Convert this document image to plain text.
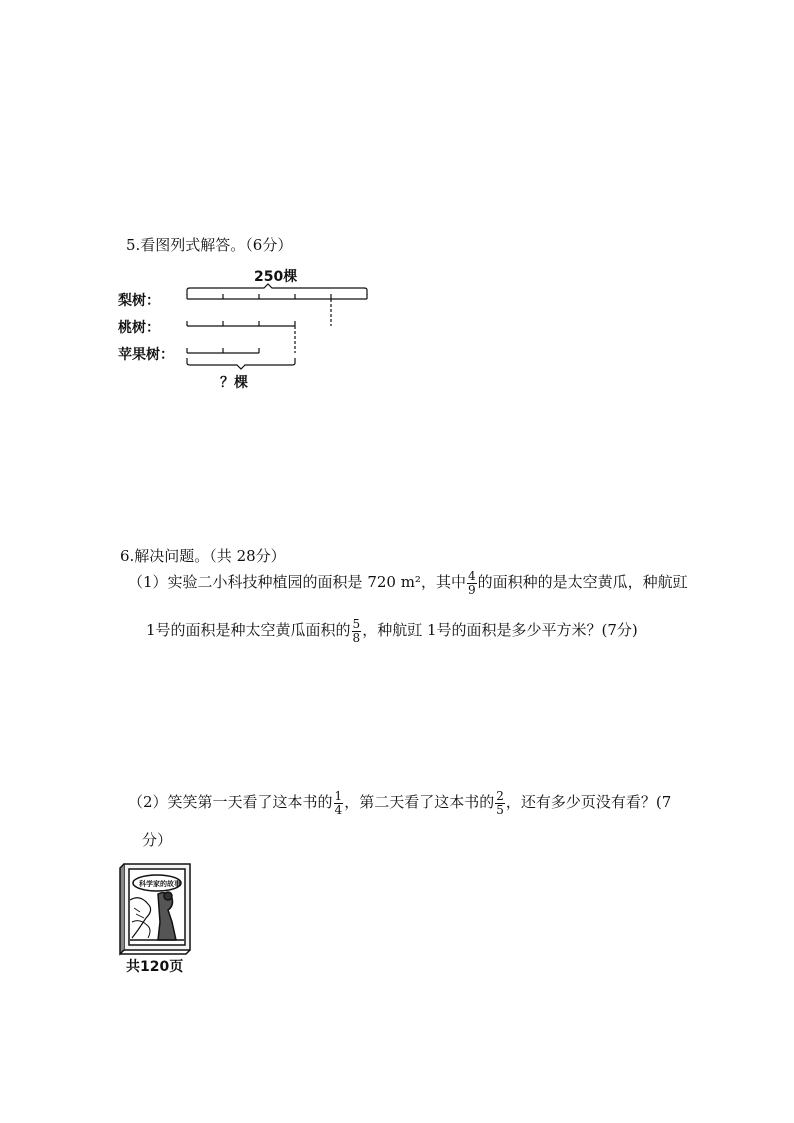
5.看图列式解答。（6分）
250棵
梨树：
桃树：
苹果树：
？棵
6.解决问题。（共 28分）
（1）实验二小科技种植园的面积是 720 m²，其中 $\frac{4}{9}$ 的面积种的是太空黄瓜，种航豇
1号的面积是种太空黄瓜面积的 $\frac{5}{8}$ ，种航豇 1号的面积是多少平方米？(7分)
（2）笑笑第一天看了这本书的 $\frac{1}{4}$ ，第二天看了这本书的 $\frac{2}{5}$ ，还有多少页没有看？(7
分）
科学家的故事
共120页
